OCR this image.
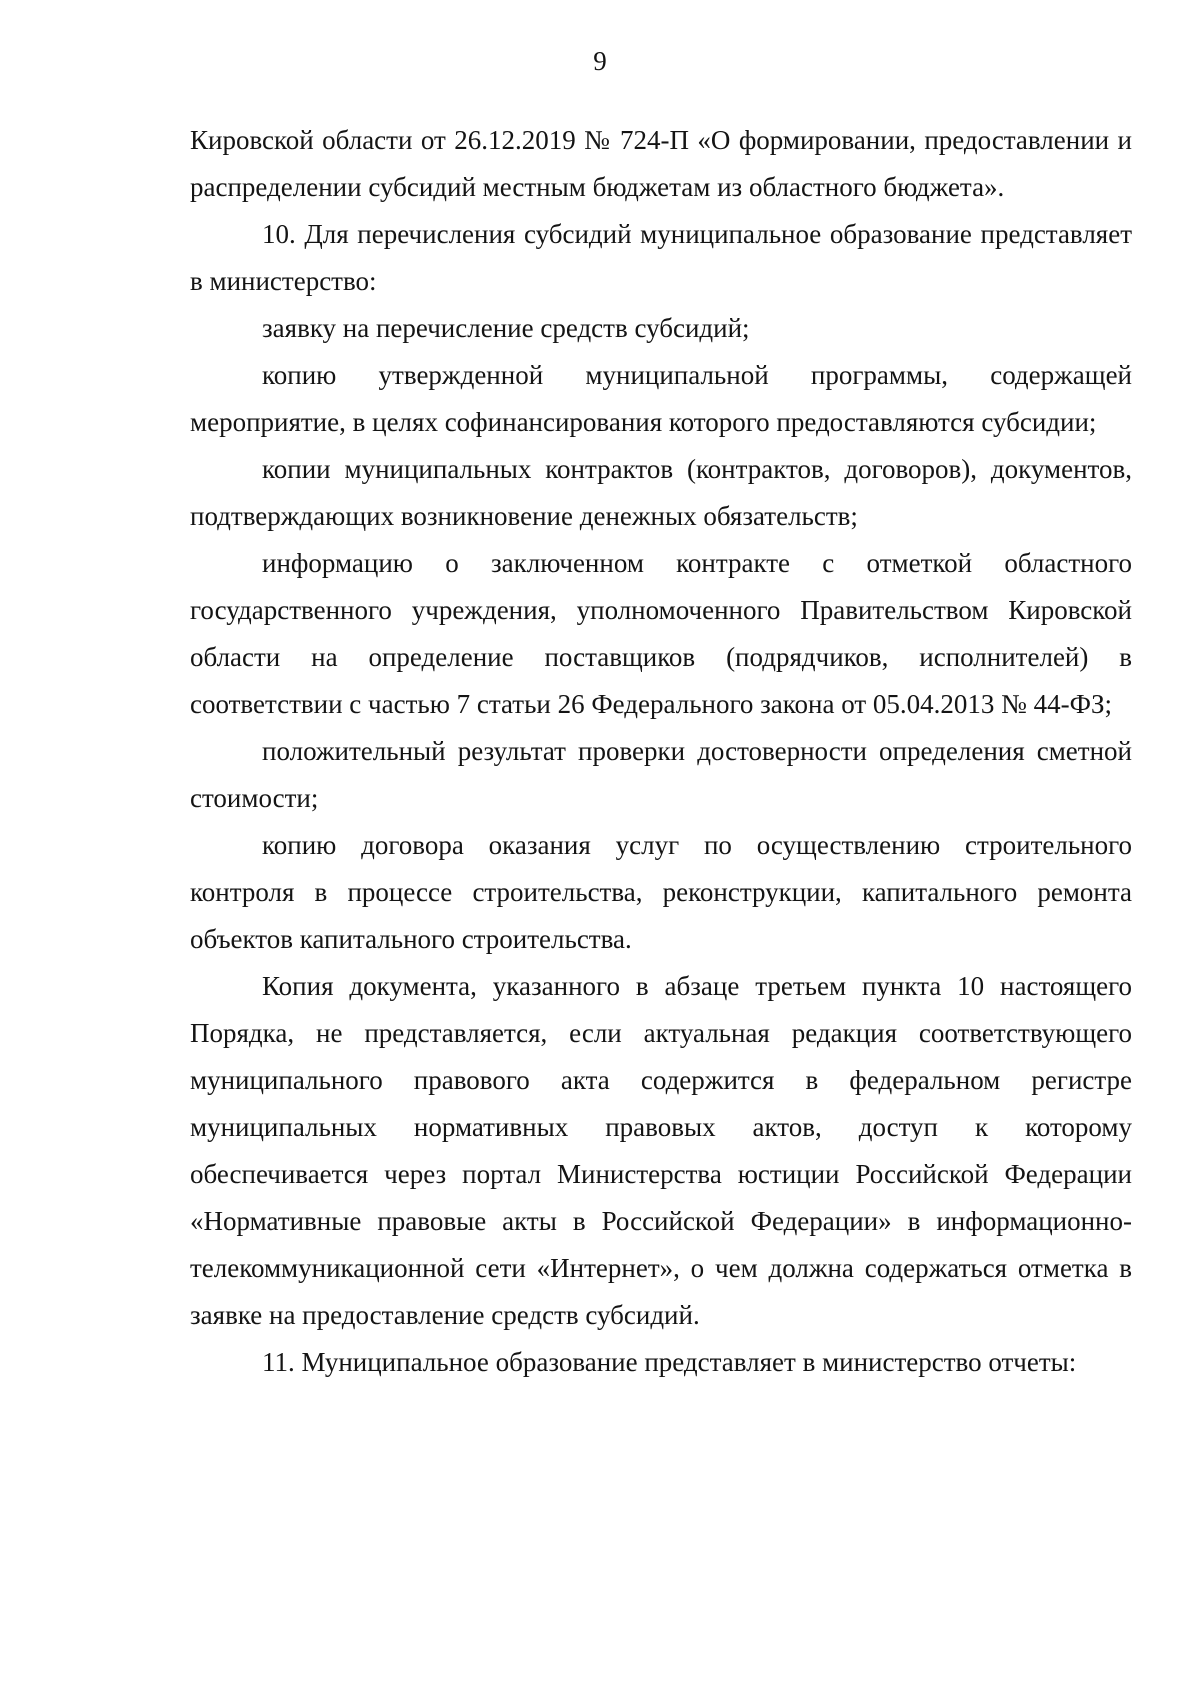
9

Кировской области от 26.12.2019 № 724-П «О формировании, предоставлении и распределении субсидий местным бюджетам из областного бюджета».

10. Для перечисления субсидий муниципальное образование представляет в министерство:

заявку на перечисление средств субсидий;

копию утвержденной муниципальной программы, содержащей мероприятие, в целях софинансирования которого предоставляются субсидии;

копии муниципальных контрактов (контрактов, договоров), документов, подтверждающих возникновение денежных обязательств;

информацию о заключенном контракте с отметкой областного государственного учреждения, уполномоченного Правительством Кировской области на определение поставщиков (подрядчиков, исполнителей) в соответствии с частью 7 статьи 26 Федерального закона от 05.04.2013 № 44-ФЗ;

положительный результат проверки достоверности определения сметной стоимости;

копию договора оказания услуг по осуществлению строительного контроля в процессе строительства, реконструкции, капитального ремонта объектов капитального строительства.

Копия документа, указанного в абзаце третьем пункта 10 настоящего Порядка, не представляется, если актуальная редакция соответствующего муниципального правового акта содержится в федеральном регистре муниципальных нормативных правовых актов, доступ к которому обеспечивается через портал Министерства юстиции Российской Федерации «Нормативные правовые акты в Российской Федерации» в информационно-телекоммуникационной сети «Интернет», о чем должна содержаться отметка в заявке на предоставление средств субсидий.

11. Муниципальное образование представляет в министерство отчеты:
